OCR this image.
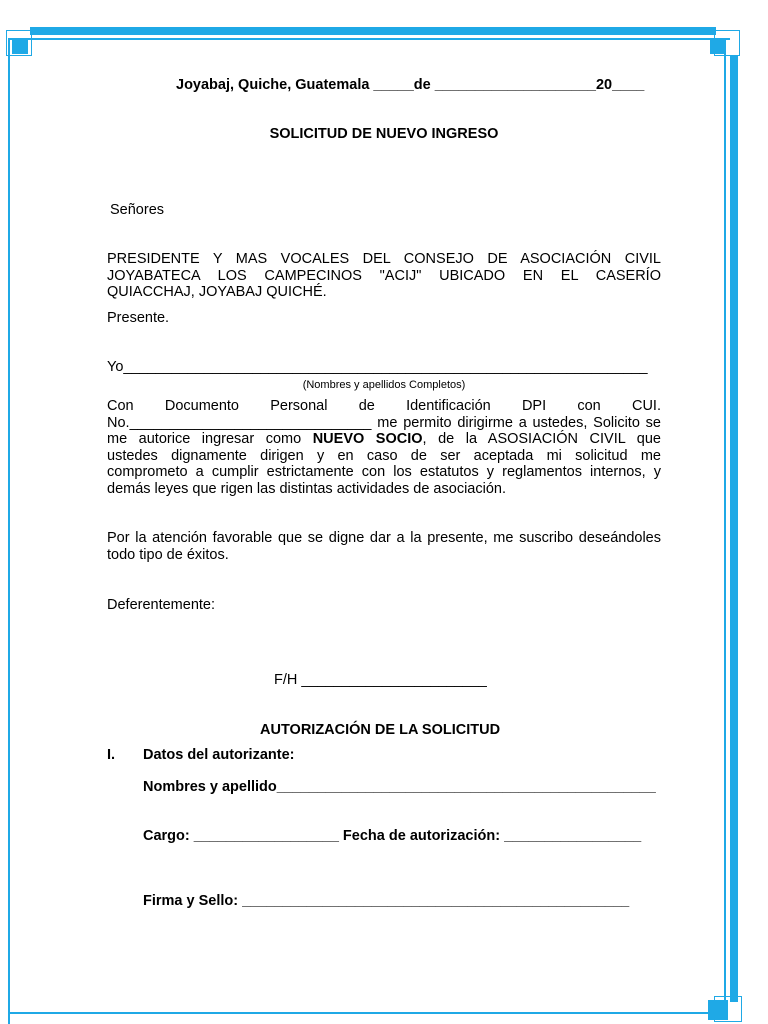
Joyabaj, Quiche, Guatemala _____de ____________________20____
SOLICITUD DE NUEVO INGRESO
Señores
PRESIDENTE Y MAS VOCALES DEL CONSEJO DE ASOCIACIÓN CIVIL
JOYABATECA LOS CAMPECINOS "ACIJ" UBICADO EN EL CASERÍO
QUIACCHAJ, JOYABAJ QUICHÉ.
Presente.
Yo_________________________________________________________________
(Nombres y apellidos Completos)
Con Documento Personal de Identificación DPI con CUI.
No.______________________________ me permito dirigirme a ustedes, Solicito se
me autorice ingresar como NUEVO SOCIO, de la ASOSIACIÓN CIVIL que
ustedes dignamente dirigen y en caso de ser aceptada mi solicitud me
comprometo a cumplir estrictamente con los estatutos y reglamentos internos, y
demás leyes que rigen las distintas actividades de asociación.
Por la atención favorable que se digne dar a la presente, me suscribo deseándoles
todo tipo de éxitos.
Deferentemente:
F/H _______________________
AUTORIZACIÓN DE LA SOLICITUD
I. Datos del autorizante:
Nombres y apellido_______________________________________________
Cargo: __________________ Fecha de autorización: _________________
Firma y Sello: ________________________________________________
